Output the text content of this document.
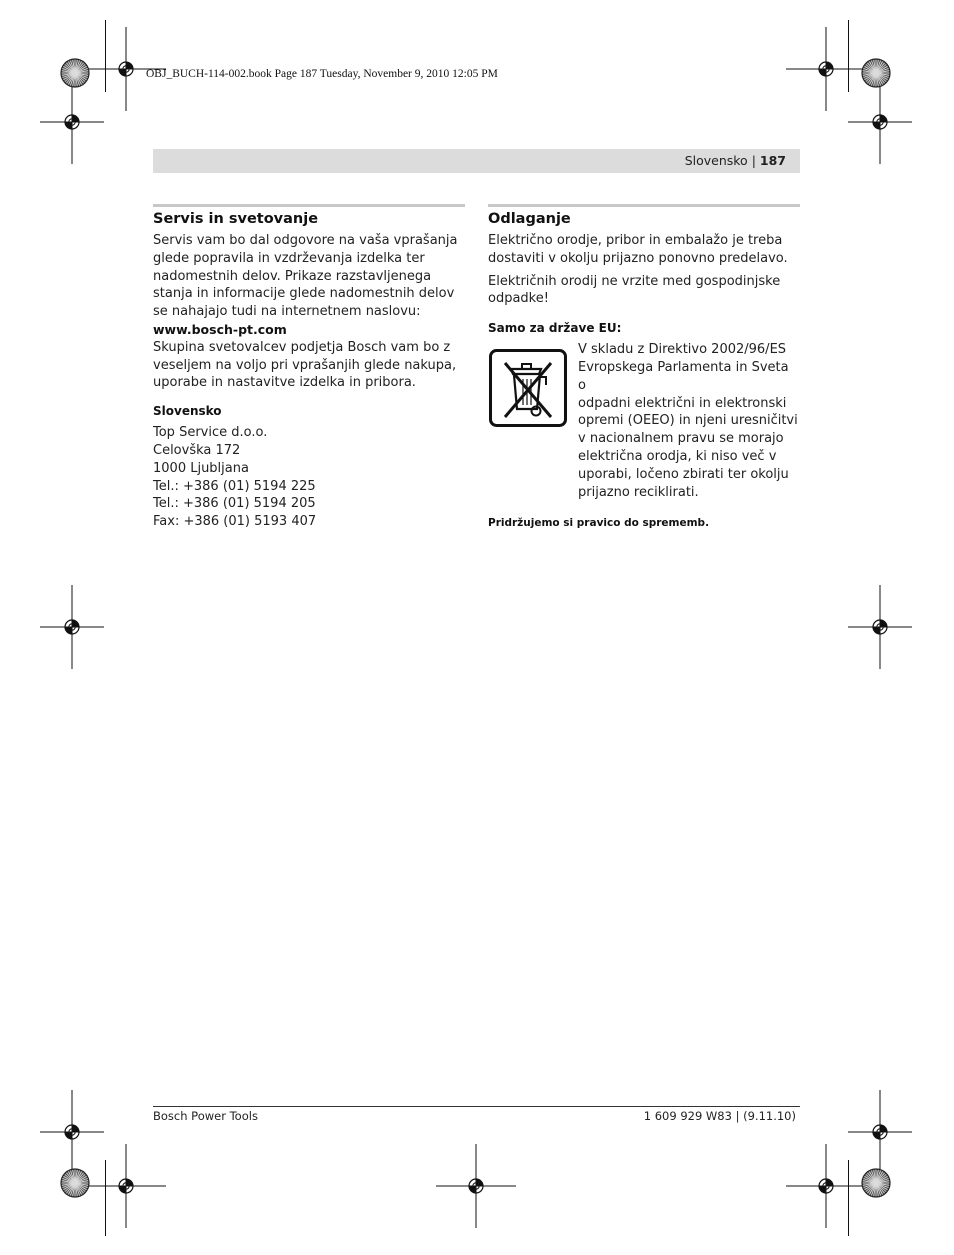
OBJ_BUCH-114-002.book Page 187 Tuesday, November 9, 2010 12:05 PM
Slovensko | 187
Servis in svetovanje

Servis vam bo dal odgovore na vaša vprašanja
glede popravila in vzdrževanja izdelka ter
nadomestnih delov. Prikaze razstavljenega
stanja in informacije glede nadomestnih delov
se nahajajo tudi na internetnem naslovu:
www.bosch-pt.com
Skupina svetovalcev podjetja Bosch vam bo z
veseljem na voljo pri vprašanjih glede nakupa,
uporabe in nastavitve izdelka in pribora.

Slovensko

Top Service d.o.o.
Celovška 172
1000 Ljubljana
Tel.: +386 (01) 5194 225
Tel.: +386 (01) 5194 205
Fax: +386 (01) 5193 407

Odlaganje

Električno orodje, pribor in embalažo je treba
dostaviti v okolju prijazno ponovno predelavo.

Električnih orodij ne vrzite med gospodinjske
odpadke!

Samo za države EU:

V skladu z Direktivo 2002/96/ES
Evropskega Parlamenta in Sveta o
odpadni električni in elektronski
opremi (OEEO) in njeni uresničitvi
v nacionalnem pravu se morajo
električna orodja, ki niso več v
uporabi, ločeno zbirati ter okolju
prijazno reciklirati.

Pridržujemo si pravico do sprememb.
Bosch Power Tools	1 609 929 W83 | (9.11.10)
